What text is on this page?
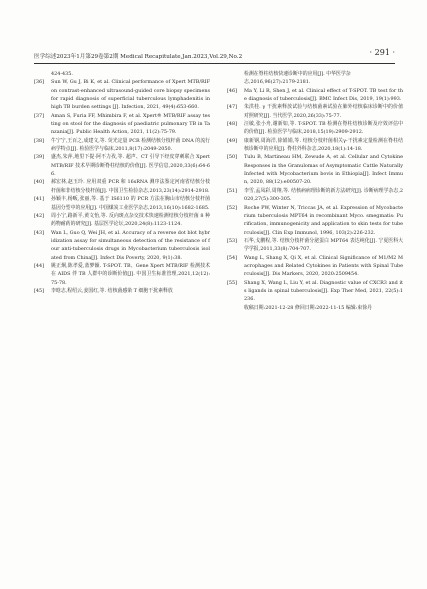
医学综述2023年1月第29卷第2期 Medical Recapitulate,Jan.2023,Vol.29,No.2	· 291 ·
424-435.
[36] Sun W, Gu J, Bi K, et al. Clinical performance of Xpert MTB/RIF on contrast-enhanced ultrasound-guided core biopsy specimens for rapid diagnosis of superficial tuberculous lymphadenitis in high TB burden settings [J]. Infection, 2021, 49(4):653-660.
[37] Aman S, Furia FF, Mhimbira F, et al. Xpert® MTB/RIF assay testing on stool for the diagnosis of paediatric pulmonary TB in Tanzania[J]. Public Health Action, 2021, 11(2):75-79.
[38] 牛宁宁,王百之,成建文,等. 荧光定量 PCR 检测结核分枝杆菌 DNA 的流行病学特点[J]. 检验医学与临床,2011,8(17):2049-2050.
[39] 盛杰,朱萍,地里下提·阿不力孜,等. 超声、CT 引导下经皮穿刺联合 Xpert MTB/RIF 技术早期诊断脊柱结核的价值[J]. 医学信息,2020,33(6):64-66.
[40] 郝宏林,赵玉玲. 应用双重 PCR 和 16sRNA 测序法鉴定河南省结核分枝杆菌和非结核分枝杆菌[J]. 中国卫生检验杂志,2013,23(14):2914-2918.
[41] 孙颖丰,杨畈,张丽,等. 基于 IS6110 的 PCR 方法在胸山市结核分枝杆菌基因分型中的应用[J]. 中国煤炭工业医学杂志,2013,16(10):1682-1685.
[42] 周小宁,路新平,黄文怡,等. 反向斑点杂交技术快速检测结核分枝杆菌 8 种药物耐药的研究[J]. 基层医学论坛,2020,24(8):1123-1124.
[43] Wan L, Guo Q, Wei JH, et al. Accuracy of a reverse dot blot hybridization assay for simultaneous detection of the resistance of four anti-tuberculosis drugs in Mycobacterium tuberculosis isolated from China[J]. Infect Dis Poverty, 2020, 9(1):38.
[44] 姚正炯,陈孝爱,蓝梦颖. T-SPOT. TB、Gene Xpert MTB/RIF 检测技术在 AIDS 伴 TB 人群中的诊断价值[J]. 中国卫生标准管理,2021,12(12):75-78.
[45] 李晗志,程绍云,姜国红,等. 结核菌感染 T 细胞干扰素释放
检测在脊柱结核快速诊断中的应用[J]. 中华医学杂志,2016,96(27):2179-2181.
[46] Ma Y, Li R, Shen J, et al. Clinical effect of T-SPOT. TB test for the diagnosis of tuberculosis[J]. BMC Infect Dis, 2019, 19(1):993.
[47] 朱洪桂. γ 干扰素释放试验与结核菌素试验在肺外结核临床诊断中的价值对照研究[J]. 当代医学,2020,26(33):75-77.
[48] 汪敏,张小舟,谢新如,等. T-SPOT. TB 检测在脊柱结核诊断及疗效评估中的价值[J]. 检验医学与临床,2018,15(19):2909-2912.
[49] 康新钢,周海洋,徐娟娟,等. 结核分枝杆菌相关γ-干扰素定量检测在脊柱结核诊断中的应用[J]. 脊柱外科杂志,2020,18(1):14-18.
[50] Tulu B, Martineau HM, Zewude A, et al. Cellular and Cytokine Responses in the Granulomas of Asymptomatic Cattle Naturally Infected with Mycobacterium bovis in Ethiopia[J]. Infect Immun, 2020, 88(12):e00507-20.
[51] 李雪,孟凤彩,周翔,等. 结核病病理诊断的新方法研究[J]. 诊断病理学杂志,2020,27(5):300-305.
[52] Roche PW, Winter N, Triccas JA, et al. Expression of Mycobacterium tuberculosis MPT64 in recombinant Myco. smegmatis: Purification, immunogenicity and application to skin tests for tuberculosis[J]. Clin Exp Immunol, 1996, 103(2):226-232.
[53] 石华,戈鹏程,等. 结核分枝杆菌分泌蛋白 MPT64 表达纯化[J]. 宁夏医科大学学报,2011,33(8):704-707.
[54] Wang L, Shang X, Qi X, et al. Clinical Significance of M1/M2 Macrophages and Related Cytokines in Patients with Spinal Tuberculosis[J]. Dis Markers, 2020, 2020:2509454.
[55] Shang X, Wang L, Liu Y, et al. Diagnostic value of CXCR3 and its ligands in spinal tuberculosis[J]. Exp Ther Med, 2021, 22(5):1236.
收稿日期:2021-12-28 修回日期:2022-11-15 编辑:束徐丹
